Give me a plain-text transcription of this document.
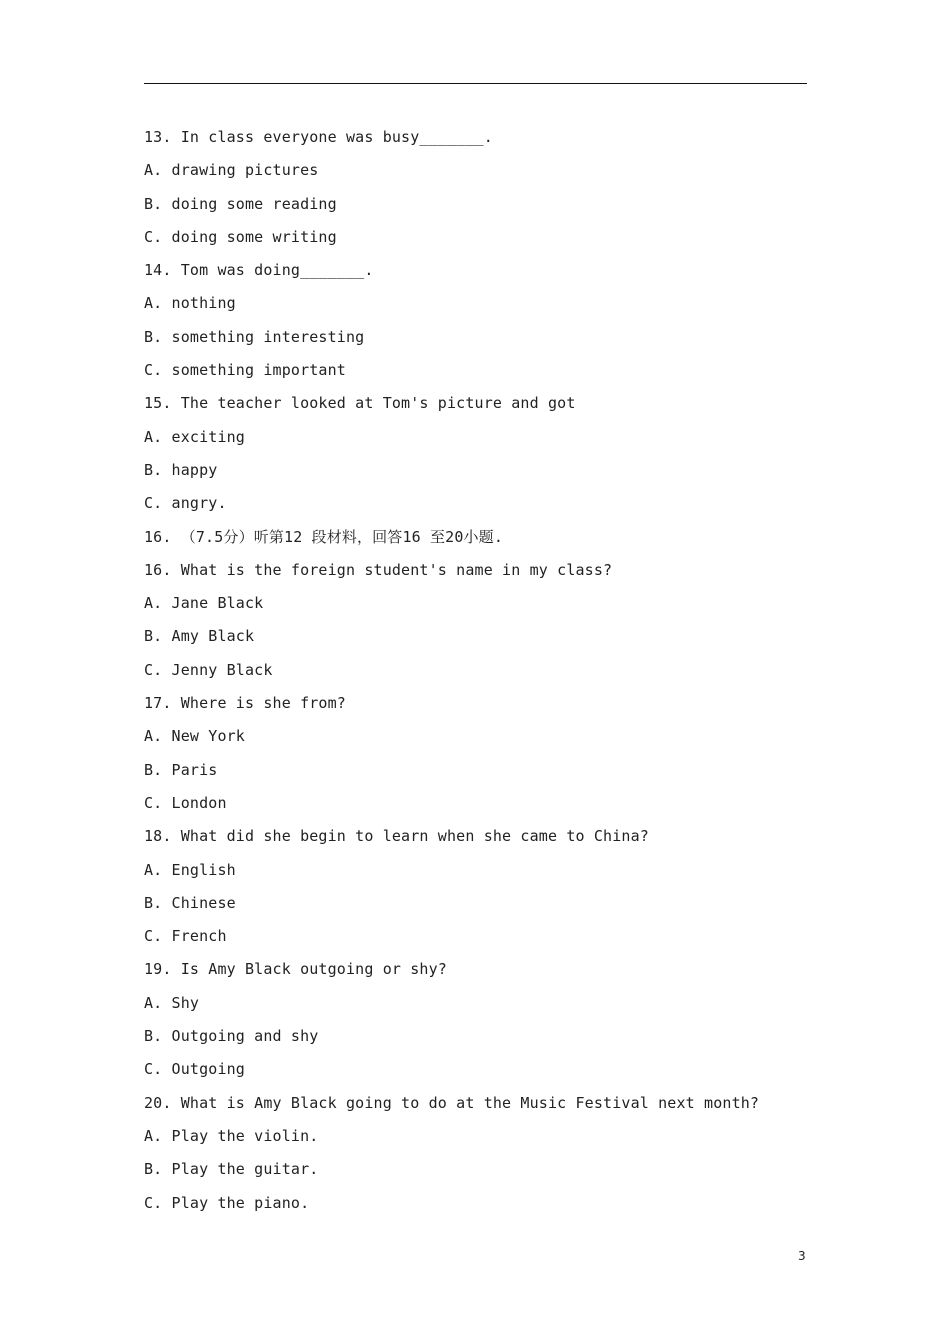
13. In class everyone was busy_______.
A. drawing pictures
B. doing some reading
C. doing some writing
14. Tom was doing_______.
A. nothing
B. something interesting
C. something important
15. The teacher looked at Tom's picture and got
A. exciting
B. happy
C. angry.
16. （7.5分）听第12 段材料，回答16 至20小题.
16. What is the foreign student's name in my class?
A. Jane Black
B. Amy Black
C. Jenny Black
17. Where is she from?
A. New York
B. Paris
C. London
18. What did she begin to learn when she came to China?
A. English
B. Chinese
C. French
19. Is Amy Black outgoing or shy?
A. Shy
B. Outgoing and shy
C. Outgoing
20. What is Amy Black going to do at the Music Festival next month?
A. Play the violin.
B. Play the guitar.
C. Play the piano.
3
